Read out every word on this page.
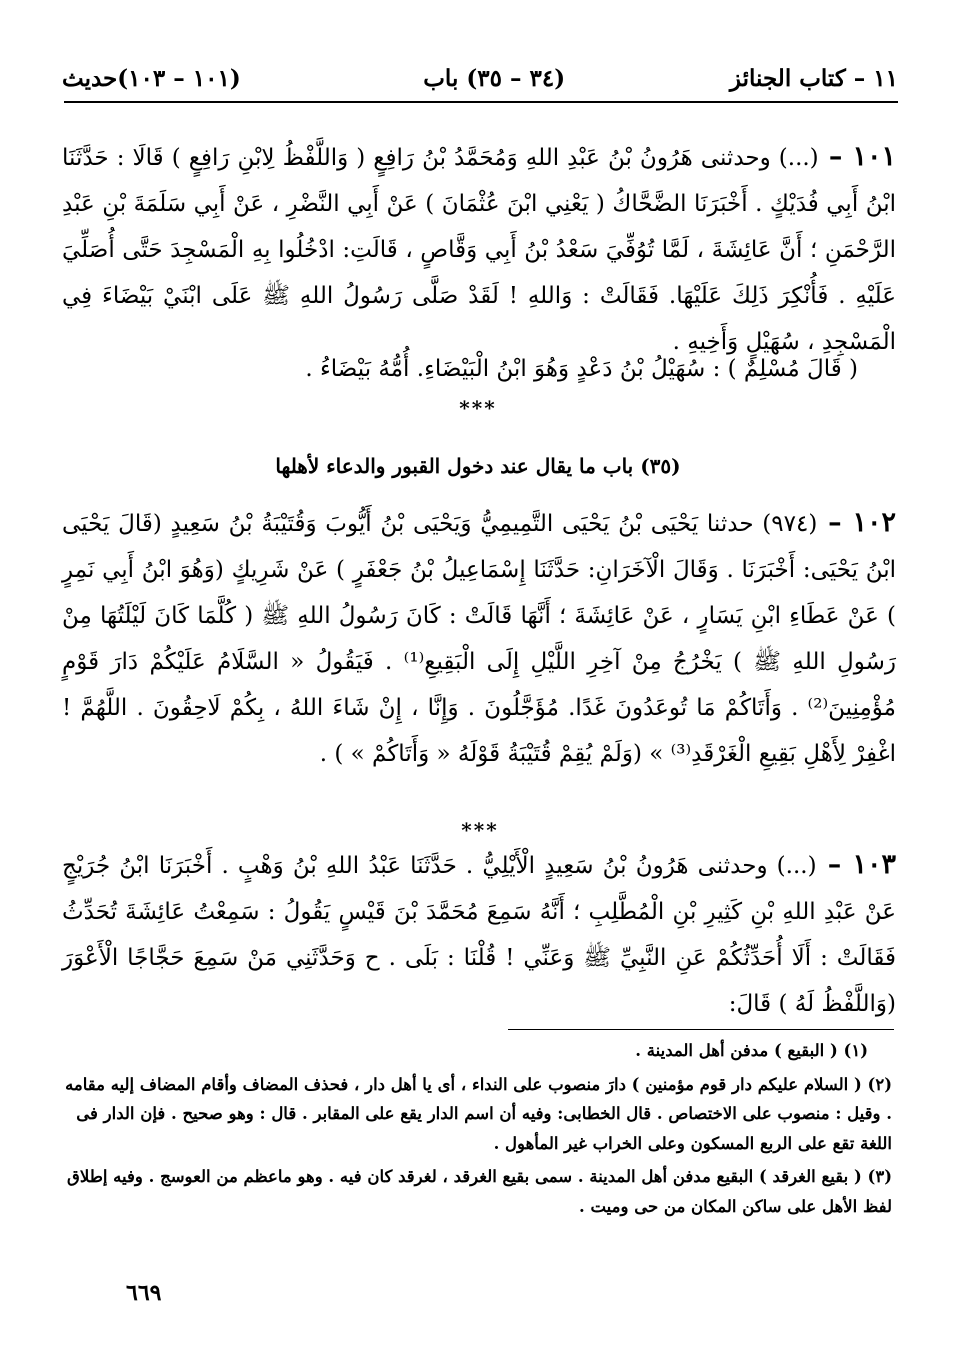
١١ – كتاب الجنائز
(٣٤ – ٣٥) باب
(١٠١ – ١٠٣)حديث
١٠١ – (...) وحدثنى هَرُونُ بْنُ عَبْدِ اللهِ وَمُحَمَّدُ بْنُ رَافِعٍ ( وَاللَّفْظُ لِابْنِ رَافِعٍ ) قَالَا : حَدَّثَنَا ابْنُ أَبِي فُدَيْكٍ . أَخْبَرَنَا الضَّحَّاكُ ( يَعْنِي ابْنَ عُثْمَانَ ) عَنْ أَبِي النَّضْرِ ، عَنْ أَبِي سَلَمَةَ بْنِ عَبْدِ الرَّحْمَنِ ؛ أَنَّ عَائِشَةَ ، لَمَّا تُوُفِّيَ سَعْدُ بْنُ أَبِي وَقَّاصٍ ، قَالَتِ: ادْخُلُوا بِهِ الْمَسْجِدَ حَتَّى أُصَلِّيَ عَلَيْهِ . فَأُنْكِرَ ذَلِكَ عَلَيْهَا. فَقَالَتْ : وَاللهِ ! لَقَدْ صَلَّى رَسُولُ اللهِ ﷺ عَلَى ابْنَيْ بَيْضَاءَ فِي الْمَسْجِدِ ، سُهَيْلٍ وَأَخِيهِ .
( قَالَ مُسْلِمٌ ) : سُهَيْلُ بْنُ دَعْدٍ وَهُوَ ابْنُ الْبَيْضَاءِ. أُمُّهُ بَيْضَاءُ .
*⁢**
(٣٥) باب ما يقال عند دخول القبور والدعاء لأهلها
١٠٢ – (٩٧٤) حدثنا يَحْيَى بْنُ يَحْيَى التَّمِيمِيُّ وَيَحْيَى بْنُ أَيُّوبَ وَقُتَيْبَةُ بْنُ سَعِيدٍ (قَالَ يَحْيَى ابْنُ يَحْيَى: أَخْبَرَنَا . وَقَالَ الْآخَرَانِ: حَدَّثَنَا إِسْمَاعِيلُ بْنُ جَعْفَرٍ ) عَنْ شَرِيكٍ (وَهُوَ ابْنُ أَبِي نَمِرٍ ) عَنْ عَطَاءِ ابْنِ يَسَارٍ ، عَنْ عَائِشَةَ ؛ أَنَّهَا قَالَتْ : كَانَ رَسُولُ اللهِ ﷺ ( كُلَّمَا كَانَ لَيْلَتُهَا مِنْ رَسُولِ اللهِ ﷺ ) يَخْرُجُ مِنْ آخِرِ اللَّيْلِ إِلَى الْبَقِيعِ⁽¹⁾ . فَيَقُولُ « السَّلَامُ عَلَيْكُمْ دَارَ قَوْمٍ مُؤْمِنِينَ⁽²⁾ . وَأَتَاكُمْ مَا تُوعَدُونَ غَدًا. مُؤَجَّلُونَ . وَإِنَّا ، إِنْ شَاءَ اللهُ ، بِكُمْ لَاحِقُونَ . اللَّهُمَّ ! اغْفِرْ لِأَهْلِ بَقِيعِ الْغَرْقَدِ⁽³⁾ » (وَلَمْ يُقِمْ قُتَيْبَةُ قَوْلَهُ « وَأَتَاكُمْ » ) .
***
١٠٣ – (...) وحدثنى هَرُونُ بْنُ سَعِيدٍ الْأَيْلِيُّ . حَدَّثَنَا عَبْدُ اللهِ بْنُ وَهْبٍ . أَخْبَرَنَا ابْنُ جُرَيْجٍ عَنْ عَبْدِ اللهِ بْنِ كَثِيرِ بْنِ الْمُطَّلِبِ ؛ أَنَّهُ سَمِعَ مُحَمَّدَ بْنَ قَيْسٍ يَقُولُ : سَمِعْتُ عَائِشَةَ تُحَدِّثُ فَقَالَتْ : أَلَا أُحَدِّثُكُمْ عَنِ النَّبِيِّ ﷺ وَعَنِّي ! قُلْنَا : بَلَى . ح وَحَدَّثَنِي مَنْ سَمِعَ حَجَّاجًا الْأَعْوَرَ (وَاللَّفْظُ لَهُ ) قَالَ:

(١) ( البقيع ) مدفن أهل المدينة .

(٢) ( السلام عليكم دار قوم مؤمنين ) دارَ منصوب على النداء ، أى يا أهل دار ، فحذف المضاف وأقام المضاف إليه مقامه . وقيل : منصوب على الاختصاص . قال الخطابى: وفيه أن اسم الدار يقع على المقابر . قال : وهو صحيح . فإن الدار فى اللغة تقع على الربع المسكون وعلى الخراب غير المأهول .

(٣) ( بقيع الغرقد ) البقيع مدفن أهل المدينة . سمى بقيع الغرقد ، لغرقد كان فيه . وهو ماعظم من العوسج . وفيه إطلاق لفظ الأهل على ساكن المكان من حى وميت .

٦٦٩
